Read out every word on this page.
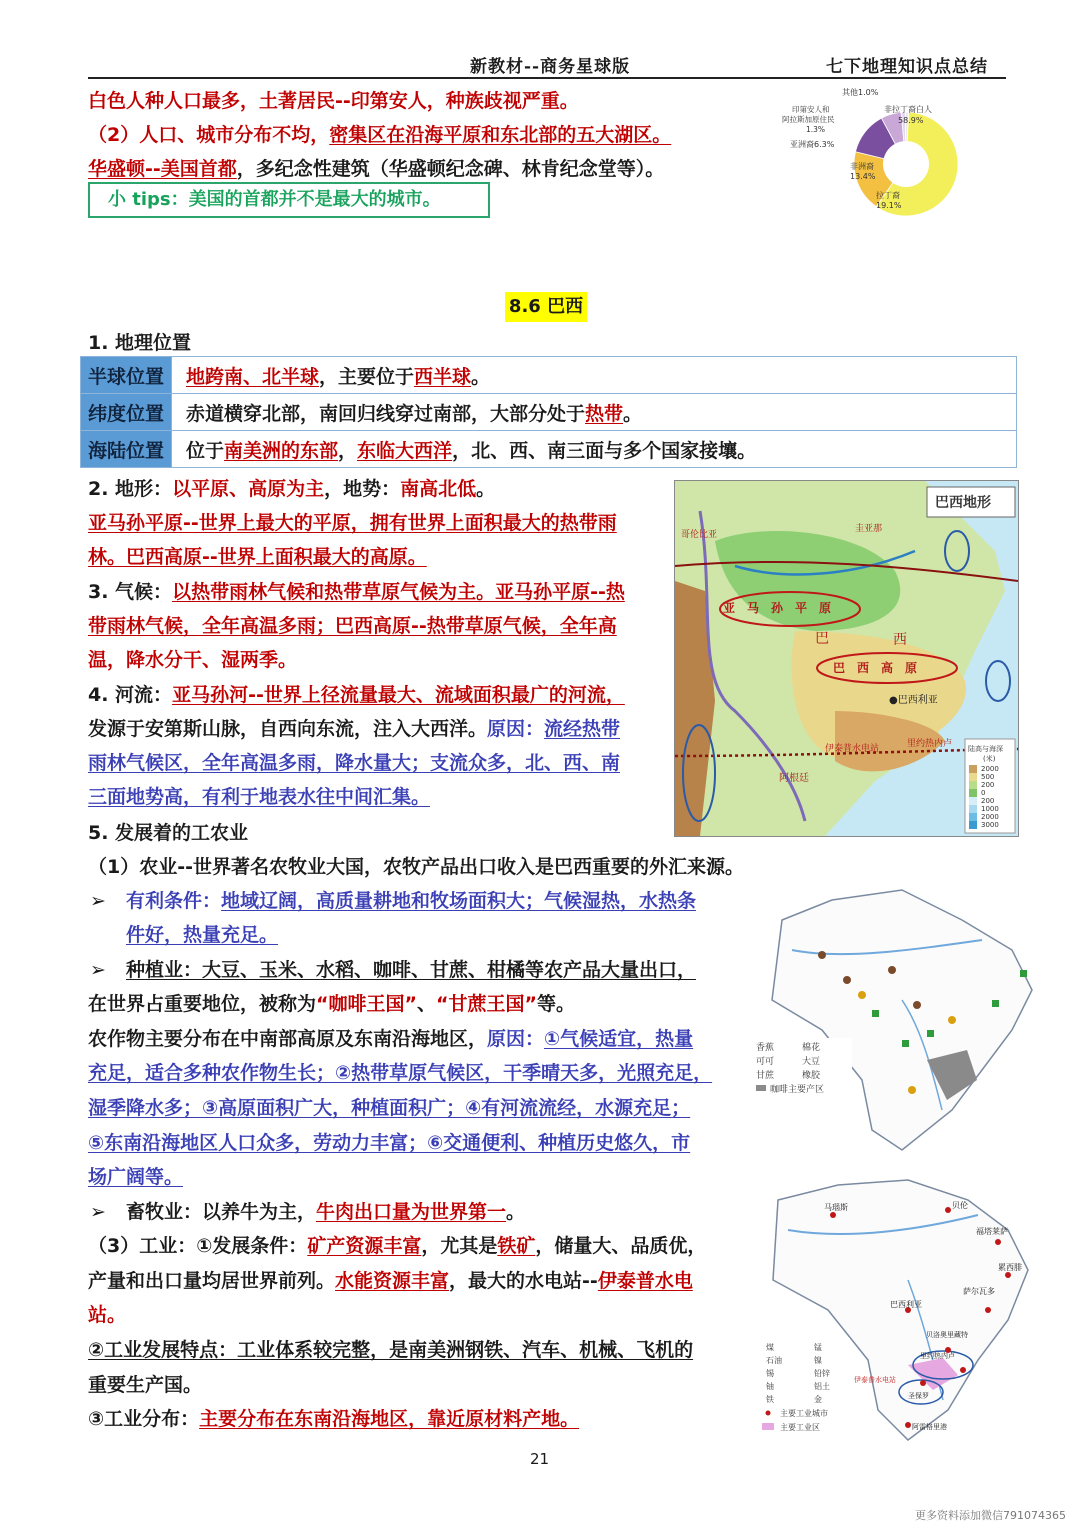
新教材--商务星球版	七下地理知识点总结
白色人种人口最多，土著居民--印第安人，种族歧视严重。
（2）人口、城市分布不均，密集区在沿海平原和东北部的五大湖区。
华盛顿--美国首都，多纪念性建筑（华盛顿纪念碑、林肯纪念堂等）。
小 tips：美国的首都并不是最大的城市。
其他1.0%
印第安人和阿拉斯加原住民 1.3%
亚洲裔6.3%
非拉丁裔白人 58.9%
非洲裔 13.4%
拉丁裔 19.1%
8.6 巴西
1. 地理位置
半球位置	地跨南、北半球，主要位于西半球。
纬度位置	赤道横穿北部，南回归线穿过南部，大部分处于热带。
海陆位置	位于南美洲的东部，东临大西洋，北、西、南三面与多个国家接壤。
2. 地形：以平原、高原为主，地势：南高北低。
亚马孙平原--世界上最大的平原，拥有世界上面积最大的热带雨
林。巴西高原--世界上面积最大的高原。
3. 气候：以热带雨林气候和热带草原气候为主。亚马孙平原--热
带雨林气候，全年高温多雨；巴西高原--热带草原气候，全年高
温，降水分干、湿两季。
4. 河流：亚马孙河--世界上径流量最大、流域面积最广的河流，
发源于安第斯山脉，自西向东流，注入大西洋。原因：流经热带
雨林气候区，全年高温多雨，降水量大；支流众多，北、西、南
三面地势高，有利于地表水往中间汇集。
巴西地形
亚　马　孙　平　原
巴　西　高　原
●巴西利亚
巴	西
哥伦比亚
圭亚那
阿根廷
伊泰普水电站	里约热内卢 陆高与海深
(米)
2000
500
200
0
200
1000
2000
3000
5. 发展着的工农业
（1）农业--世界著名农牧业大国，农牧产品出口收入是巴西重要的外汇来源。
➢ 有利条件：地域辽阔，高质量耕地和牧场面积大；气候湿热，水热条
件好，热量充足。
➢ 种植业：大豆、玉米、水稻、咖啡、甘蔗、柑橘等农产品大量出口，
在世界占重要地位，被称为“咖啡王国”、“甘蔗王国”等。
农作物主要分布在中南部高原及东南沿海地区，原因：①气候适宜，热量
充足，适合多种农作物生长；②热带草原气候区，干季晴天多，光照充足，
湿季降水多；③高原面积广大，种植面积广；④有河流流经，水源充足；
⑤东南沿海地区人口众多，劳动力丰富；⑥交通便利、种植历史悠久，市
场广阔等。
➢ 畜牧业：以养牛为主，牛肉出口量为世界第一。
香蕉	棉花
可可	大豆
甘蔗	橡胶
咖啡主要产区
（3）工业：①发展条件：矿产资源丰富，尤其是铁矿，储量大、品质优，
产量和出口量均居世界前列。水能资源丰富，最大的水电站--伊泰普水电
站。
②工业发展特点：工业体系较完整，是南美洲钢铁、汽车、机械、飞机的
重要生产国。
③工业分布：主要分布在东南沿海地区，靠近原材料产地。
马瑙斯	贝伦
福塔莱萨
累西腓
萨尔瓦多
巴西利亚
贝洛奥里藏特
里约热内卢
圣保罗
阿雷格里港
伊泰普水电站
煤	锰
石油	镍
锡	铅锌
铀	铝土
铁	金
主要工业城市
主要工业区
21
更多资料添加微信791074365
